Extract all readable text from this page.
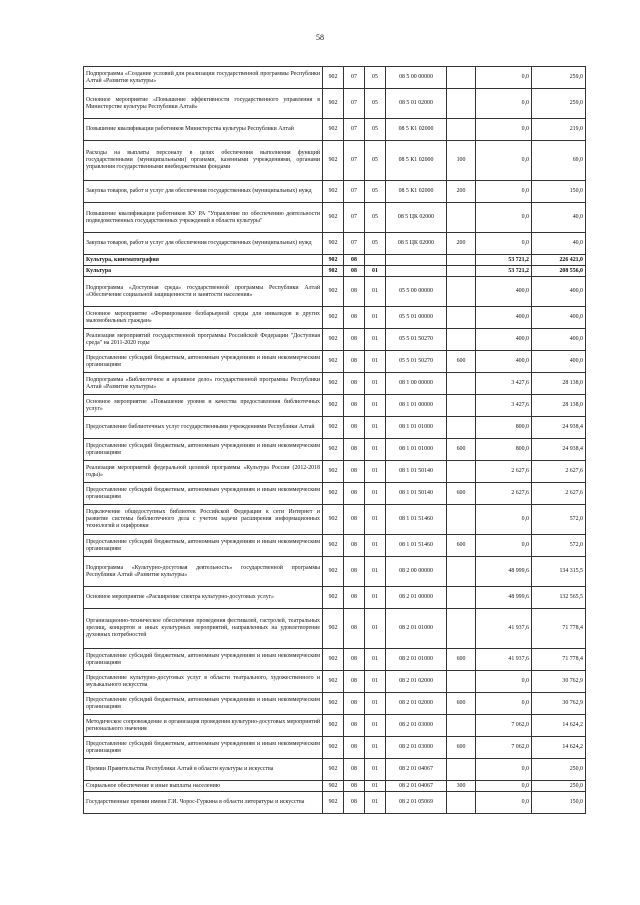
58
Подпрограмма «Создание условий для реализации государственной программы Республики Алтай «Развитие культуры»	902	07	05	08 5 00 00000		0,0	259,0
Основное мероприятие «Повышение эффективности государственного управления в Министерстве культуры Республики Алтай»	902	07	05	08 5 01 02000		0,0	259,0
Повышение квалификации работников Министерства культуры Республики Алтай	902	07	05	08 5 К1 02000		0,0	219,0
Расходы на выплаты персоналу в целях обеспечения выполнения функций государственными (муниципальными) органами, казенными учреждениями, органами управления государственными внебюджетными фондами	902	07	05	08 5 К1 02000	100	0,0	69,0
Закупка товаров, работ и услуг для обеспечения государственных (муниципальных) нужд	902	07	05	08 5 К1 02000	200	0,0	150,0
Повышение квалификации работников КУ РА "Управление по обеспечению деятельности подведомственных государственных учреждений в области культуры"	902	07	05	08 5 ЦК 02000		0,0	40,0
Закупка товаров, работ и услуг для обеспечения государственных (муниципальных) нужд	902	07	05	08 5 ЦК 02000	200	0,0	40,0
Культура, кинематография	902	08				53 721,2	226 421,0
Культура	902	08	01			53 721,2	208 556,0
Подпрограмма «Доступная среда» государственной программы Республики Алтай «Обеспечение социальной защищенности и занятости населения»	902	08	01	05 5 00 00000		400,0	400,0
Основное мероприятие «Формирование безбарьерной среды для инвалидов и других маломобильных граждан»	902	08	01	05 5 01 00000		400,0	400,0
Реализация мероприятий государственной программы Российской Федерации "Доступная среда" на 2011-2020 годы	902	08	01	05 5 01 50270		400,0	400,0
Предоставление субсидий бюджетным, автономным учреждениям и иным некоммерческим организациям	902	08	01	05 5 01 50270	600	400,0	400,0
Подпрограмма «Библиотечное и архивное дело» государственной программы Республики Алтай «Развитие культуры»	902	08	01	08 1 00 00000		3 427,6	28 138,0
Основное мероприятие «Повышение уровня и качества предоставления библиотечных услуг»	902	08	01	08 1 01 00000		3 427,6	28 138,0
Предоставление библиотечных услуг государственными учреждениями Республики Алтай	902	08	01	08 1 01 01000		800,0	24 938,4
Предоставление субсидий бюджетным, автономным учреждениям и иным некоммерческим организациям	902	08	01	08 1 01 01000	600	800,0	24 938,4
Реализация мероприятий федеральной целевой программы «Культура России (2012-2018 годы)»	902	08	01	08 1 01 50140		2 627,6	2 627,6
Предоставление субсидий бюджетным, автономным учреждениям и иным некоммерческим организациям	902	08	01	08 1 01 50140	600	2 627,6	2 627,6
Подключение общедоступных библиотек Российской Федерации к сети Интернет и развитие системы библиотечного дела с учетом задачи расширения информационных технологий и оцифровки	902	08	01	08 1 01 51460		0,0	572,0
Предоставление субсидий бюджетным, автономным учреждениям и иным некоммерческим организациям	902	08	01	08 1 01 51460	600	0,0	572,0
Подпрограмма «Культурно-досуговая деятельность» государственной программы Республики Алтай «Развитие культуры»	902	08	01	08 2 00 00000		48 999,6	134 315,5
Основное мероприятие «Расширение спектра культурно-досуговых услуг»	902	08	01	08 2 01 00000		48 999,6	132 565,5
Организационно-техническое обеспечение проведения фестивалей, гастролей, театральных зрелищ, концертов и иных культурных мероприятий, направленных на удовлетворение духовных потребностей	902	08	01	08 2 01 01000		41 937,6	71 778,4
Предоставление субсидий бюджетным, автономным учреждениям и иным некоммерческим организациям	902	08	01	08 2 01 01000	600	41 937,6	71 778,4
Предоставление культурно-досуговых услуг в области театрального, художественного и музыкального искусства	902	08	01	08 2 01 02000		0,0	30 762,9
Предоставление субсидий бюджетным, автономным учреждениям и иным некоммерческим организациям	902	08	01	08 2 01 02000	600	0,0	30 762,9
Методическое сопровождение и организация проведения культурно-досуговых мероприятий регионального значения	902	08	01	08 2 01 03000		7 062,0	14 624,2
Предоставление субсидий бюджетным, автономным учреждениям и иным некоммерческим организациям	902	08	01	08 2 01 03000	600	7 062,0	14 624,2
Премии Правительства Республики Алтай в области культуры и искусства	902	08	01	08 2 01 04067		0,0	250,0
Социальное обеспечение и иные выплаты населению	902	08	01	08 2 01 04067	300	0,0	250,0
Государственные премии имени Г.И. Чорос-Гуркина в области литературы и искусства	902	08	01	08 2 01 05069		0,0	150,0
